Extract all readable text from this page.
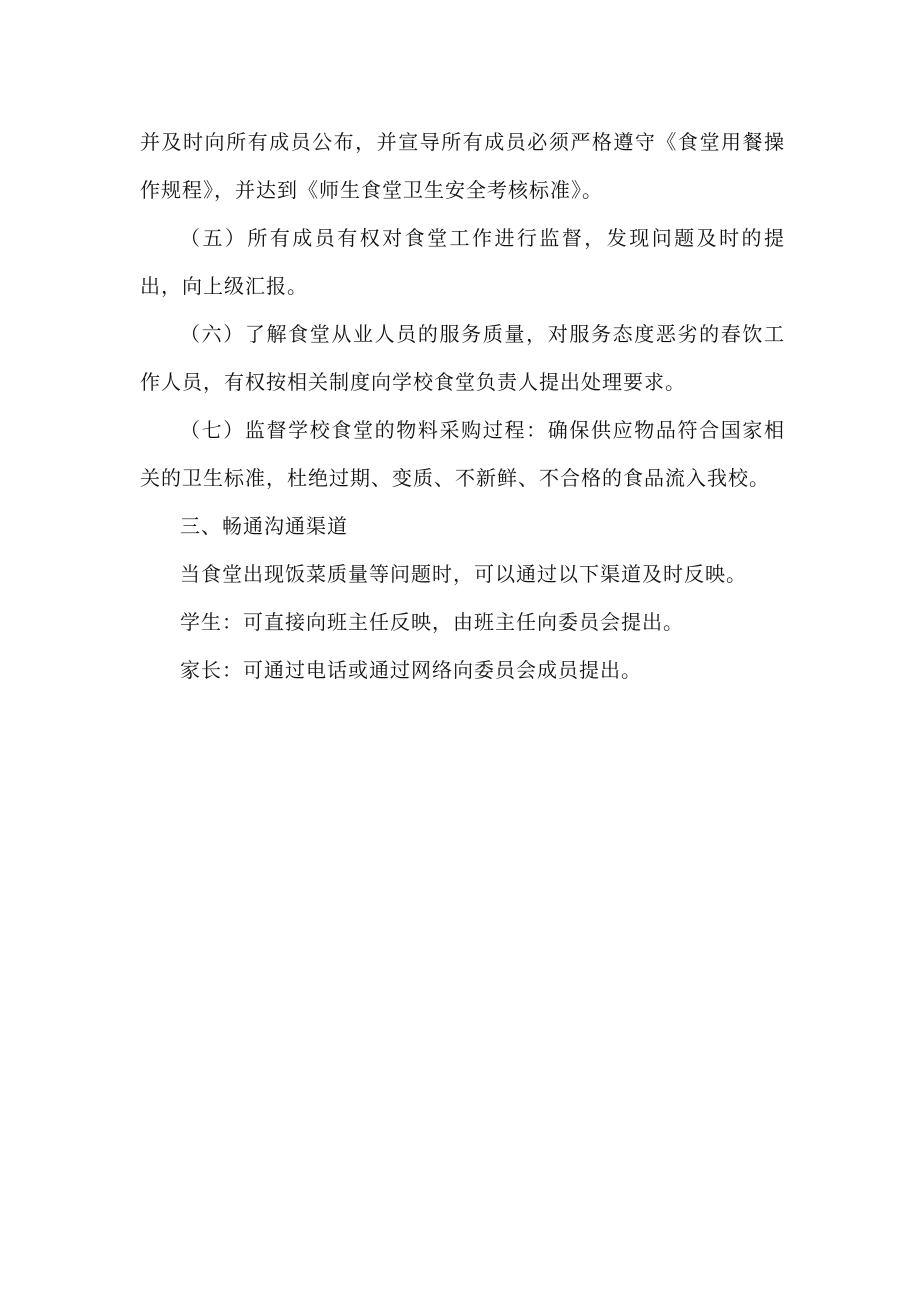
并及时向所有成员公布，并宣导所有成员必须严格遵守《食堂用餐操作规程》，并达到《师生食堂卫生安全考核标准》。

（五）所有成员有权对食堂工作进行监督，发现问题及时的提出，向上级汇报。

（六）了解食堂从业人员的服务质量，对服务态度恶劣的春饮工作人员，有权按相关制度向学校食堂负责人提出处理要求。

（七）监督学校食堂的物料采购过程：确保供应物品符合国家相关的卫生标准，杜绝过期、变质、不新鲜、不合格的食品流入我校。

三、畅通沟通渠道

当食堂出现饭菜质量等问题时，可以通过以下渠道及时反映。

学生：可直接向班主任反映，由班主任向委员会提出。

家长：可通过电话或通过网络向委员会成员提出。
